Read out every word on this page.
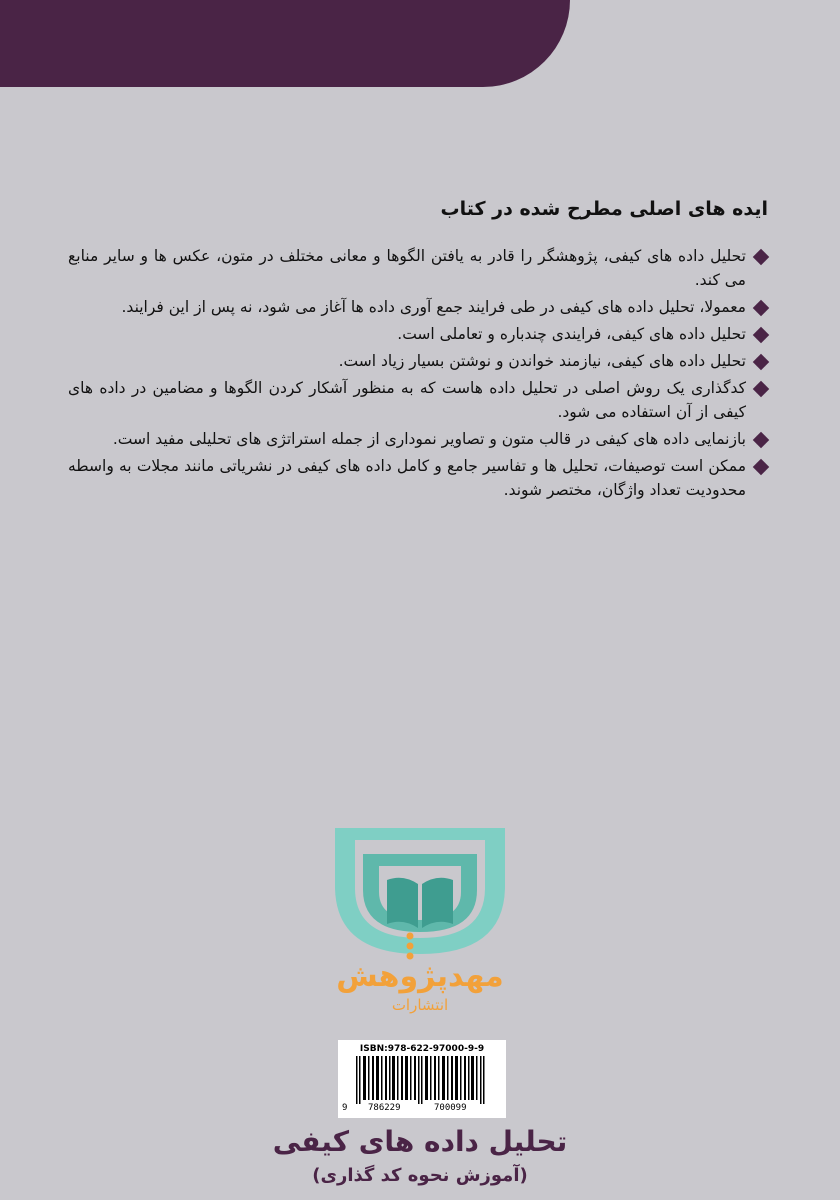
ایده های اصلی مطرح شده در کتاب
تحلیل داده های کیفی، پژوهشگر را قادر به یافتن الگوها و معانی مختلف در متون، عکس ها و سایر منابع می کند.
معمولا، تحلیل داده های کیفی در طی فرایند جمع آوری داده ها آغاز می شود، نه پس از این فرایند.
تحلیل داده های کیفی، فرایندی چندباره و تعاملی است.
تحلیل داده های کیفی، نیازمند خواندن و نوشتن بسیار زیاد است.
کدگذاری یک روش اصلی در تحلیل داده هاست که به منظور آشکار کردن الگوها و مضامین در داده های کیفی از آن استفاده می شود.
بازنمایی داده های کیفی در قالب متون و تصاویر نموداری از جمله استراتژی های تحلیلی مفید است.
ممکن است توصیفات، تحلیل ها و تفاسیر جامع و کامل داده های کیفی در نشریاتی مانند مجلات به واسطه محدودیت تعداد واژگان، مختصر شوند.
مهدپژوهش
انتشارات
ISBN:978-622-97000-9-9
9 786229	700099
تحلیل داده های کیفی
(آموزش نحوه کد گذاری)
